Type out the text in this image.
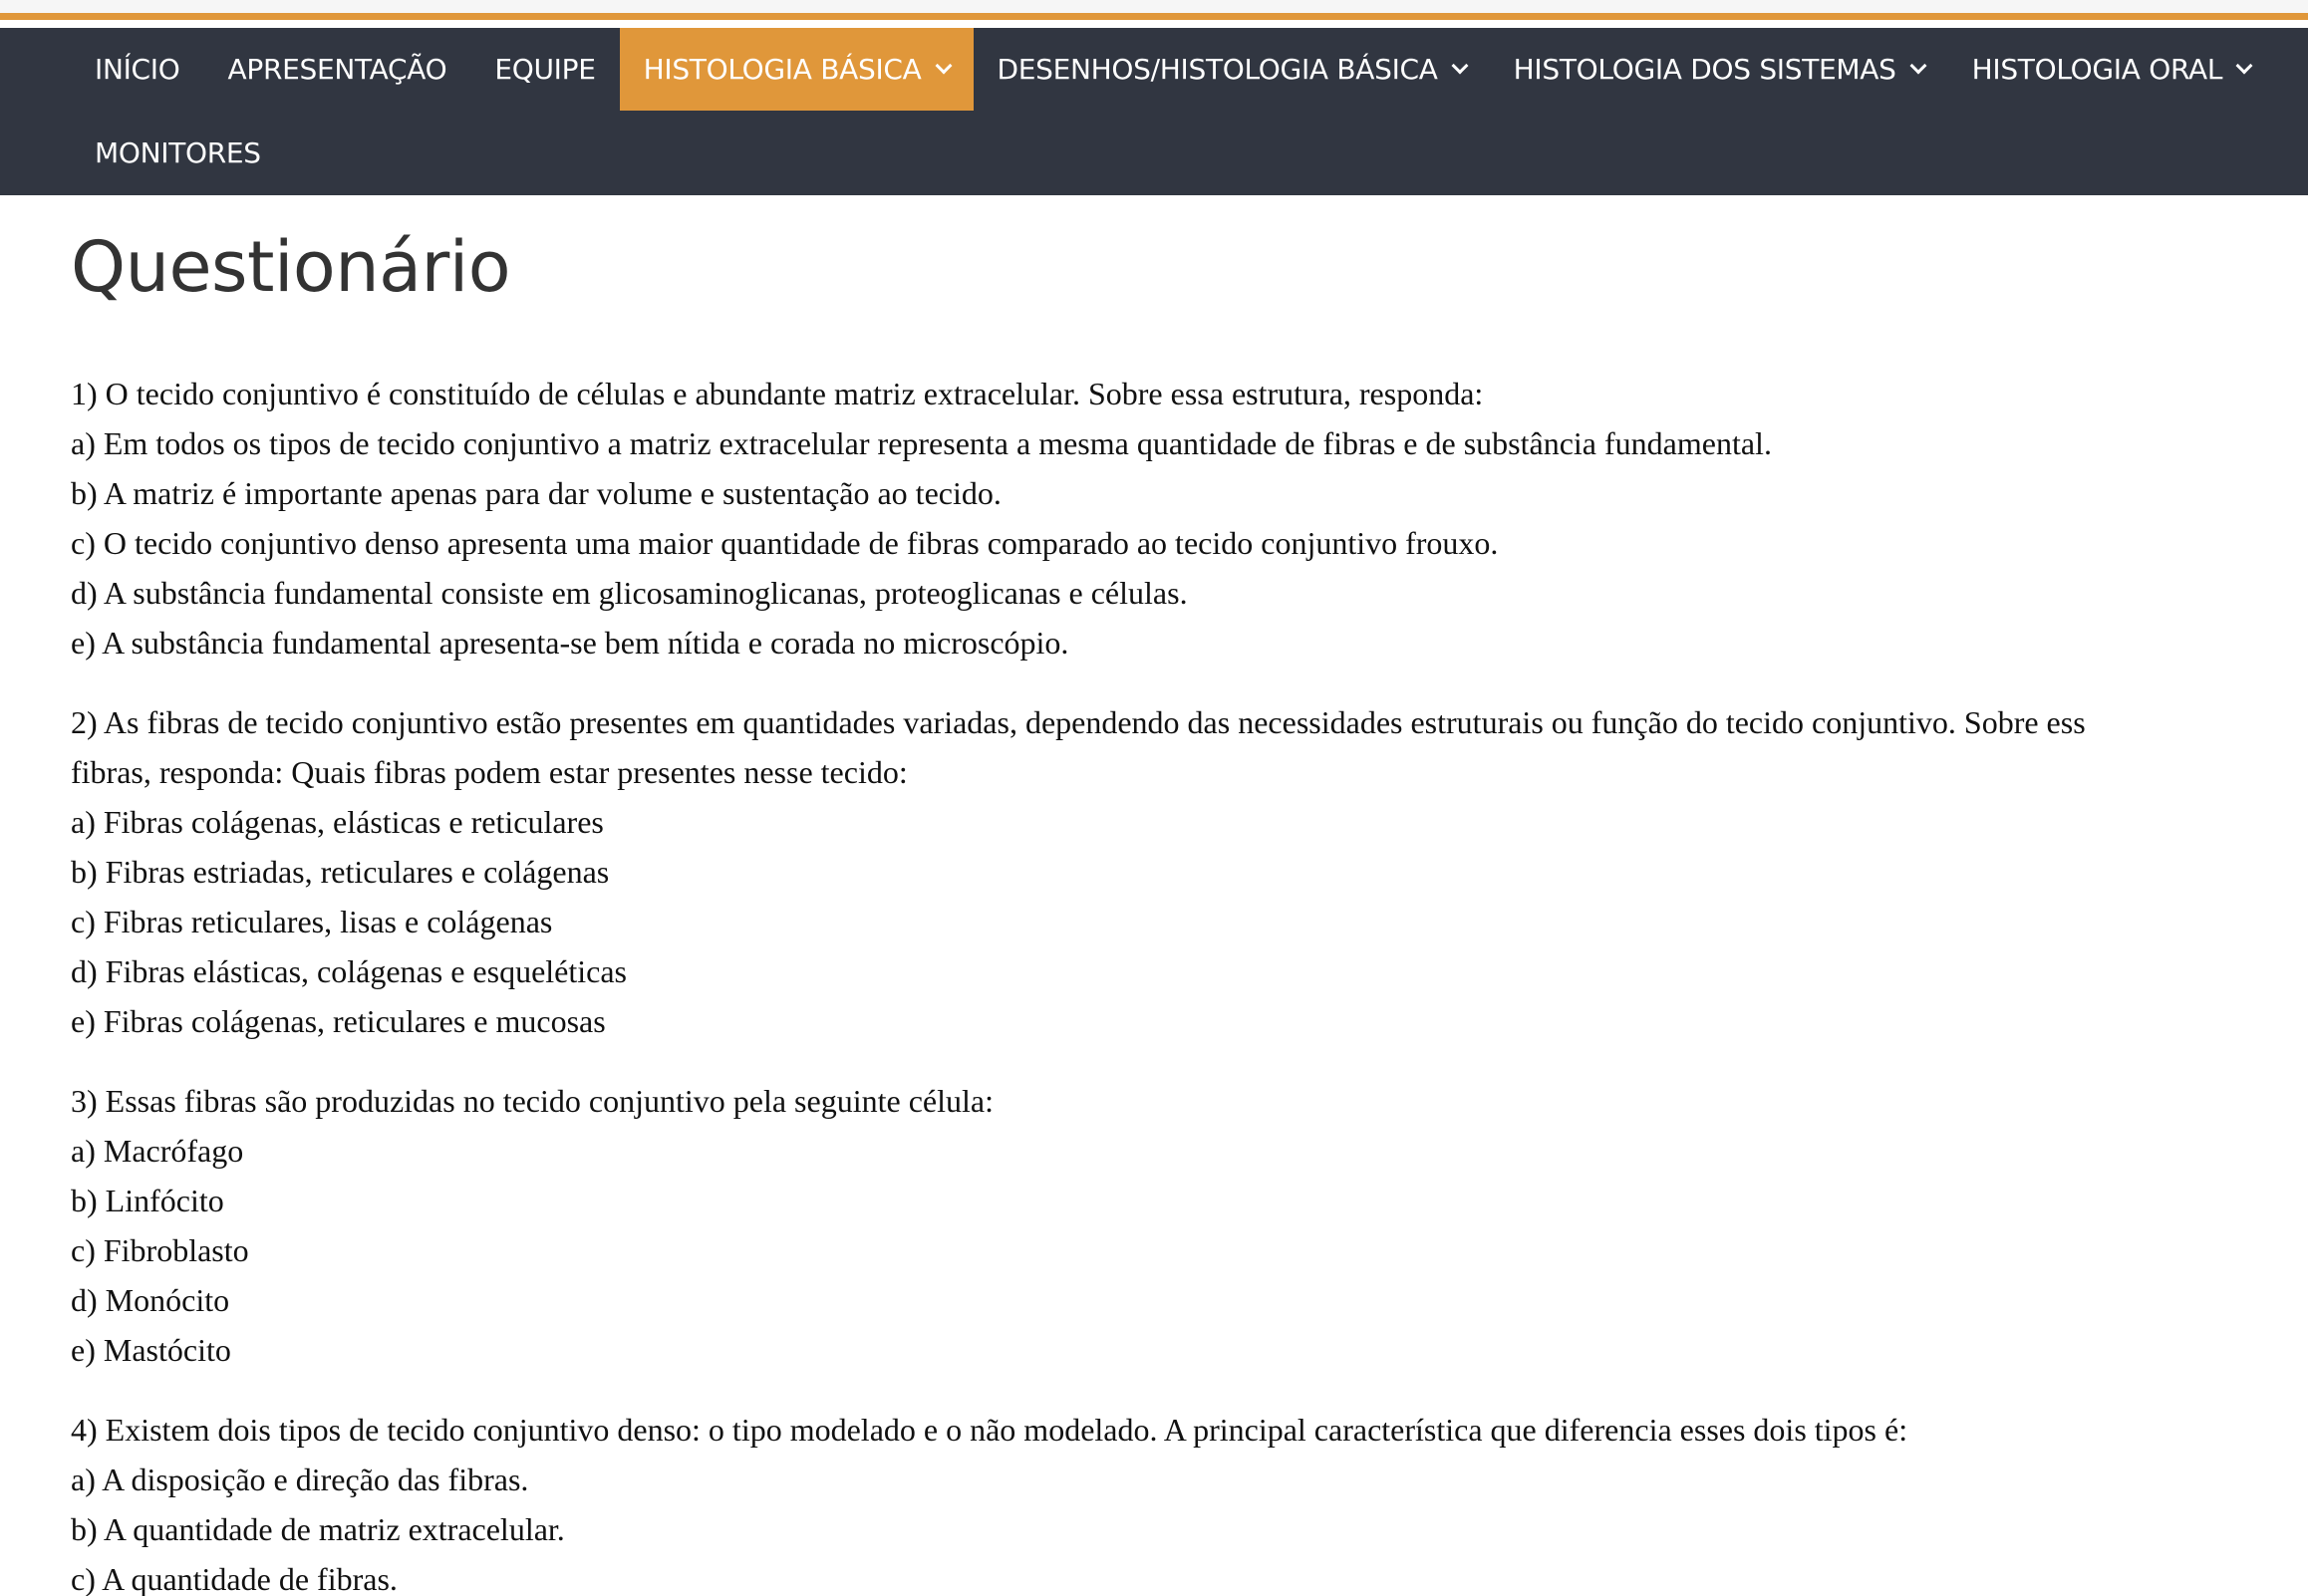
INÍCIO APRESENTAÇÃO EQUIPE HISTOLOGIA BÁSICA	DESENHOS/HISTOLOGIA BÁSICA	HISTOLOGIA DOS SISTEMAS	HISTOLOGIA ORAL
MONITORES
Questionário

1) O tecido conjuntivo é constituído de células e abundante matriz extracelular. Sobre essa estrutura, responda:

a) Em todos os tipos de tecido conjuntivo a matriz extracelular representa a mesma quantidade de fibras e de substância fundamental.

b) A matriz é importante apenas para dar volume e sustentação ao tecido.

c) O tecido conjuntivo denso apresenta uma maior quantidade de fibras comparado ao tecido conjuntivo frouxo.

d) A substância fundamental consiste em glicosaminoglicanas, proteoglicanas e células.

e) A substância fundamental apresenta-se bem nítida e corada no microscópio.

2) As fibras de tecido conjuntivo estão presentes em quantidades variadas, dependendo das necessidades estruturais ou função do tecido conjuntivo. Sobre ess

fibras, responda: Quais fibras podem estar presentes nesse tecido:

a) Fibras colágenas, elásticas e reticulares

b) Fibras estriadas, reticulares e colágenas

c) Fibras reticulares, lisas e colágenas

d) Fibras elásticas, colágenas e esqueléticas

e) Fibras colágenas, reticulares e mucosas

3) Essas fibras são produzidas no tecido conjuntivo pela seguinte célula:

a) Macrófago

b) Linfócito

c) Fibroblasto

d) Monócito

e) Mastócito

4) Existem dois tipos de tecido conjuntivo denso: o tipo modelado e o não modelado. A principal característica que diferencia esses dois tipos é:

a) A disposição e direção das fibras.

b) A quantidade de matriz extracelular.

c) A quantidade de fibras.
